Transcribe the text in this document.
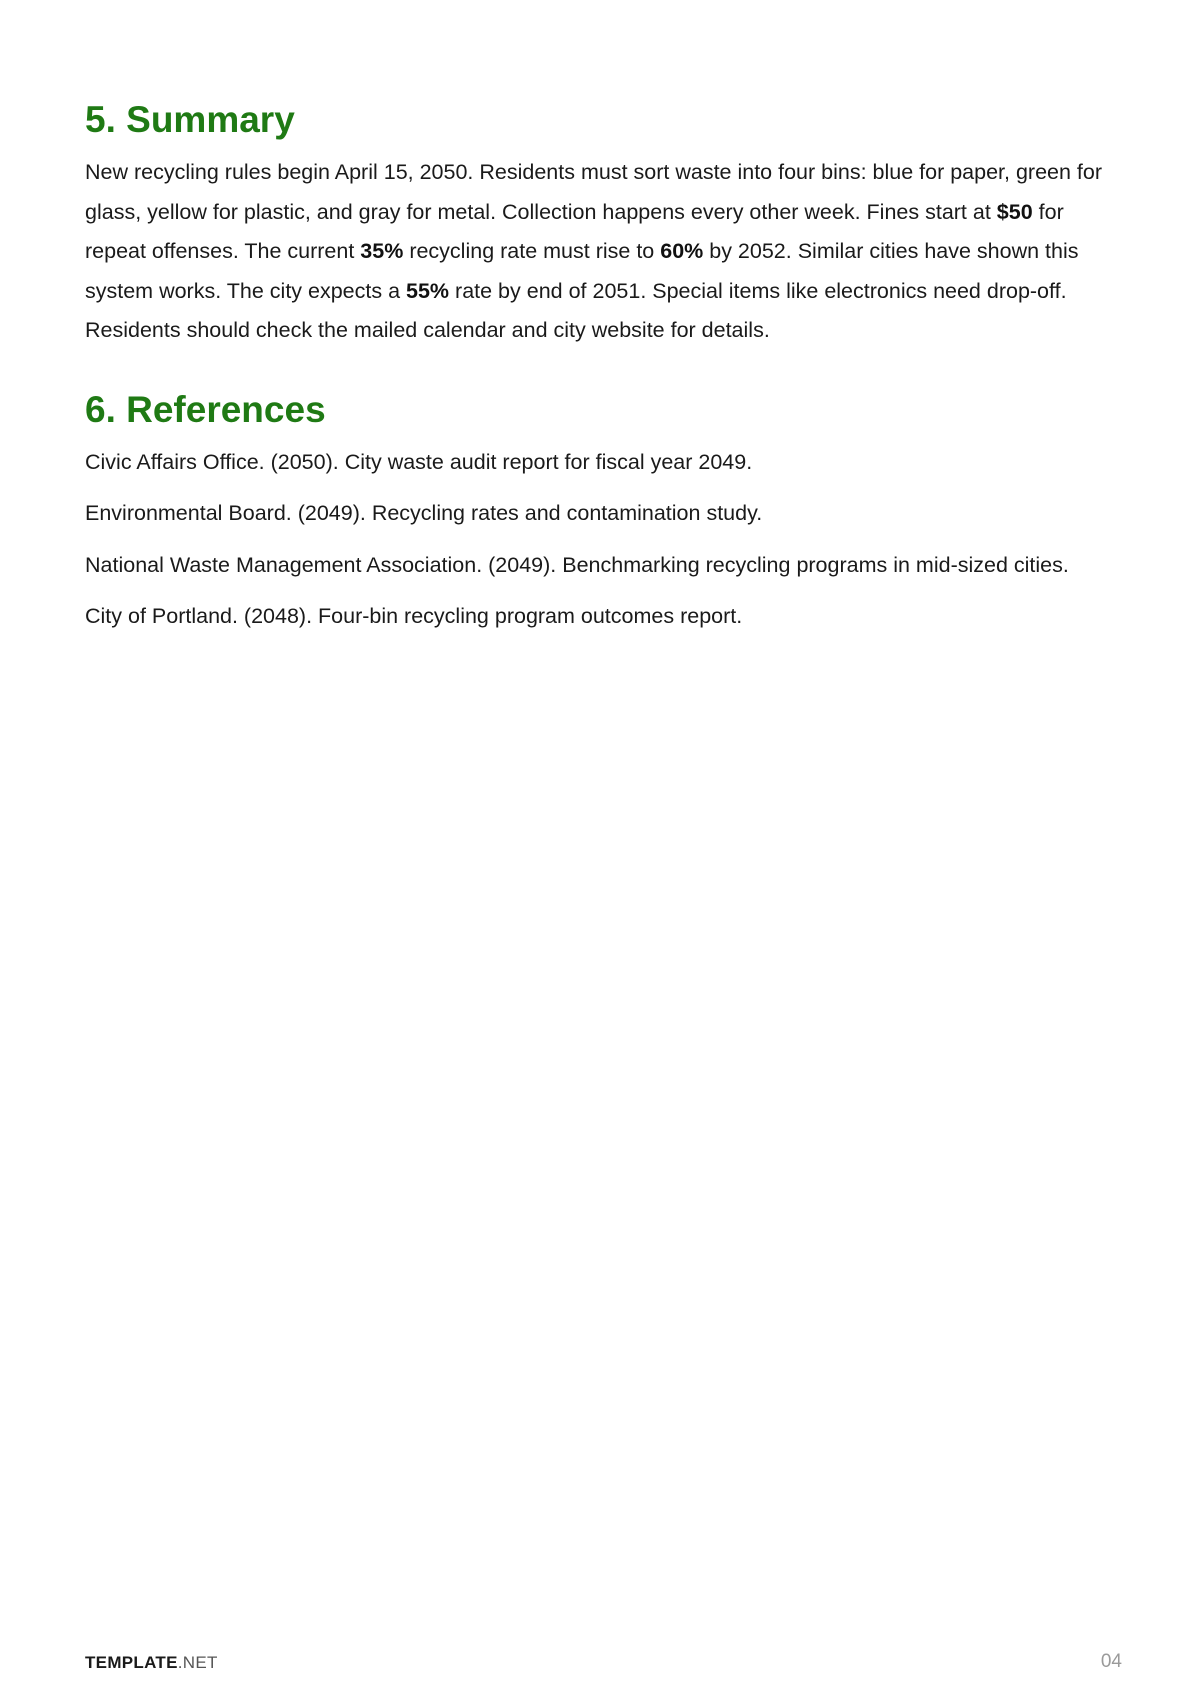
5. Summary

New recycling rules begin April 15, 2050. Residents must sort waste into four bins: blue for paper, green for glass, yellow for plastic, and gray for metal. Collection happens every other week. Fines start at $50 for repeat offenses. The current 35% recycling rate must rise to 60% by 2052. Similar cities have shown this system works. The city expects a 55% rate by end of 2051. Special items like electronics need drop-off. Residents should check the mailed calendar and city website for details.

6. References
Civic Affairs Office. (2050). City waste audit report for fiscal year 2049.
Environmental Board. (2049). Recycling rates and contamination study.
National Waste Management Association. (2049). Benchmarking recycling programs in mid-sized cities.
City of Portland. (2048). Four-bin recycling program outcomes report.
TEMPLATE.NET	04
